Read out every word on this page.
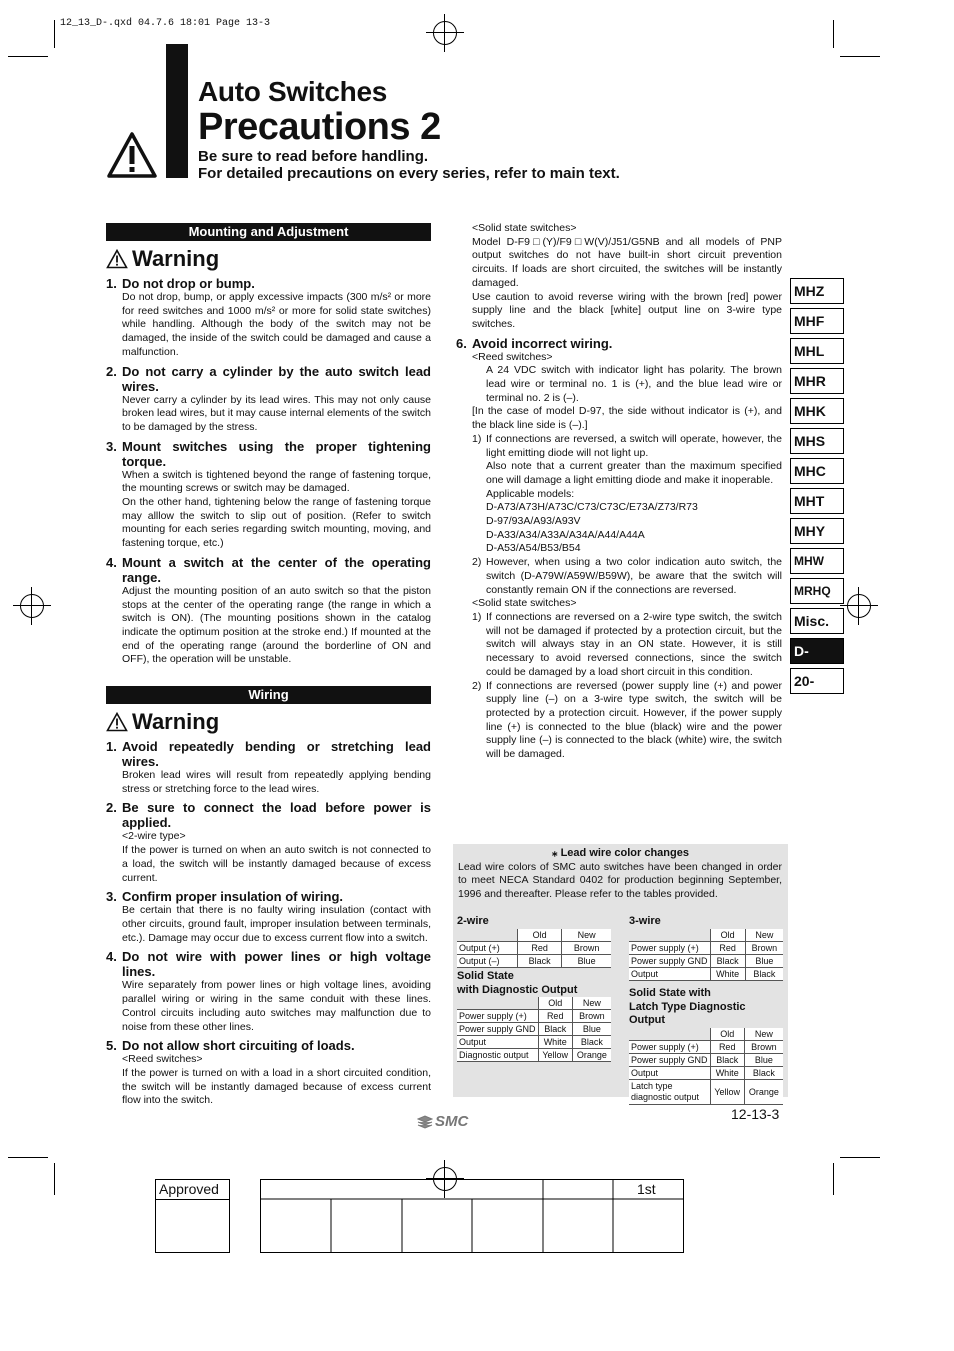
12_13_D-.qxd 04.7.6 18:01 Page 13-3
Auto Switches
Precautions 2
Be sure to read before handling.
For detailed precautions on every series, refer to main text.
Mounting and Adjustment
Warning
1. Do not drop or bump.
Do not drop, bump, or apply excessive impacts (300 m/s² or more for reed switches and 1000 m/s² or more for solid state switches) while handling. Although the body of the switch may not be damaged, the inside of the switch could be damaged and cause a malfunction.
2. Do not carry a cylinder by the auto switch lead wires.
Never carry a cylinder by its lead wires. This may not only cause broken lead wires, but it may cause internal elements of the switch to be damaged by the stress.
3. Mount switches using the proper tightening torque.
When a switch is tightened beyond the range of fastening torque, the mounting screws or switch may be damaged.
On the other hand, tightening below the range of fastening torque may alllow the switch to slip out of position. (Refer to switch mounting for each series regarding switch mounting, moving, and fastening torque, etc.)
4. Mount a switch at the center of the operating range.
Adjust the mounting position of an auto switch so that the piston stops at the center of the operating range (the range in which a switch is ON). (The mounting positions shown in the catalog indicate the optimum position at the stroke end.) If mounted at the end of the operating range (around the borderline of ON and OFF), the operation will be unstable.
Wiring
Warning
1. Avoid repeatedly bending or stretching lead wires.
Broken lead wires will result from repeatedly applying bending stress or stretching force to the lead wires.
2. Be sure to connect the load before power is applied.
<2-wire type>
If the power is turned on when an auto switch is not connected to a load, the switch will be instantly damaged because of excess current.
3. Confirm proper insulation of wiring.
Be certain that there is no faulty wiring insulation (contact with other circuits, ground fault, improper insulation between terminals, etc.). Damage may occur due to excess current flow into a switch.
4. Do not wire with power lines or high voltage lines.
Wire separately from power lines or high voltage lines, avoiding parallel wiring or wiring in the same conduit with these lines. Control circuits including auto switches may malfunction due to noise from these other lines.
5. Do not allow short circuiting of loads.
<Reed switches>
If the power is turned on with a load in a short circuited condition, the switch will be instantly damaged because of excess current flow into the switch.
<Solid state switches>
Model D-F9□(Y)/F9□W(V)/J51/G5NB and all models of PNP output switches do not have built-in short circuit prevention circuits. If loads are short circuited, the switches will be instantly damaged.
Use caution to avoid reverse wiring with the brown [red] power supply line and the black [white] output line on 3-wire type switches.
6. Avoid incorrect wiring.
<Reed switches>
A 24 VDC switch with indicator light has polarity. The brown lead wire or terminal no. 1 is (+), and the blue lead wire or terminal no. 2 is (–).
[In the case of model D-97, the side without indicator is (+), and the black line side is (–).]
1) If connections are reversed, a switch will operate, however, the light emitting diode will not light up.
Also note that a current greater than the maximum specified one will damage a light emitting diode and make it inoperable.
Applicable models:
D-A73/A73H/A73C/C73/C73C/E73A/Z73/R73
D-97/93A/A93/A93V
D-A33/A34/A33A/A34A/A44/A44A
D-A53/A54/B53/B54
2) However, when using a two color indication auto switch, the switch (D-A79W/A59W/B59W), be aware that the switch will constantly remain ON if the connections are reversed.
<Solid state switches>
1) If connections are reversed on a 2-wire type switch, the switch will not be damaged if protected by a protection circuit, but the switch will always stay in an ON state. However, it is still necessary to avoid reversed connections, since the switch could be damaged by a load short circuit in this condition.
2) If connections are reversed (power supply line (+) and power supply line (–) on a 3-wire type switch, the switch will be protected by a protection circuit. However, if the power supply line (+) is connected to the blue (black) wire and the power supply line (–) is connected to the black (white) wire, the switch will be damaged.
MHZ
MHF
MHL
MHR
MHK
MHS
MHC
MHT
MHY
MHW
MRHQ
Misc.
D-
20-
⁎ Lead wire color changes
Lead wire colors of SMC auto switches have been changed in order to meet NECA Standard 0402 for production beginning September, 1996 and thereafter. Please refer to the tables provided.
2-wire
	Old	New
Output (+)	Red	Brown
Output (–)	Black	Blue
3-wire
	Old	New
Power supply (+)	Red	Brown
Power supply GND	Black	Blue
Output	White	Black
Solid State
with Diagnostic Output
	Old	New
Power supply (+)	Red	Brown
Power supply GND	Black	Blue
Output	White	Black
Diagnostic output	Yellow	Orange
Solid State with
Latch Type Diagnostic Output
	Old	New
Power supply (+)	Red	Brown
Power supply GND	Black	Blue
Output	White	Black

Latch type
diagnostic output	Yellow	Orange
SMC	12-13-3
Approved	1st
